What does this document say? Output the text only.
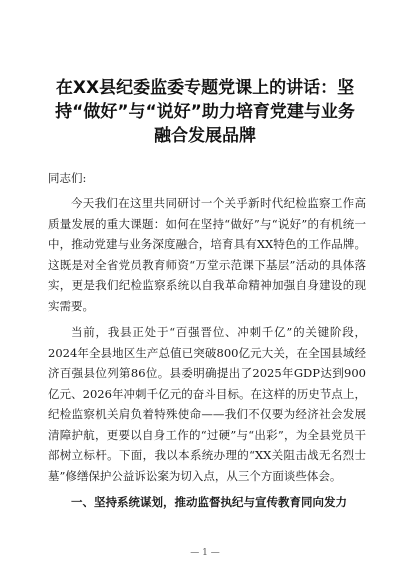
在XX县纪委监委专题党课上的讲话：坚持“做好”与“说好”助力培育党建与业务融合发展品牌
同志们:

今天我们在这里共同研讨一个关乎新时代纪检监察工作高质量发展的重大课题：如何在坚持“做好”与“说好”的有机统一中，推动党建与业务深度融合，培育具有XX特色的工作品牌。这既是对全省党员教育师资“万堂示范课下基层”活动的具体落实，更是我们纪检监察系统以自我革命精神加强自身建设的现实需要。

当前，我县正处于“百强晋位、冲刺千亿”的关键阶段，2024年全县地区生产总值已突破800亿元大关，在全国县域经济百强县位列第86位。县委明确提出了2025年GDP达到900亿元、2026年冲刺千亿元的奋斗目标。在这样的历史节点上，纪检监察机关肩负着特殊使命——我们不仅要为经济社会发展清障护航，更要以自身工作的“过硬”与“出彩”，为全县党员干部树立标杆。下面，我以本系统办理的“XX关阻击战无名烈士墓”修缮保护公益诉讼案为切入点，从三个方面谈些体会。

一、坚持系统谋划，推动监督执纪与宣传教育同向发力
— 1 —
